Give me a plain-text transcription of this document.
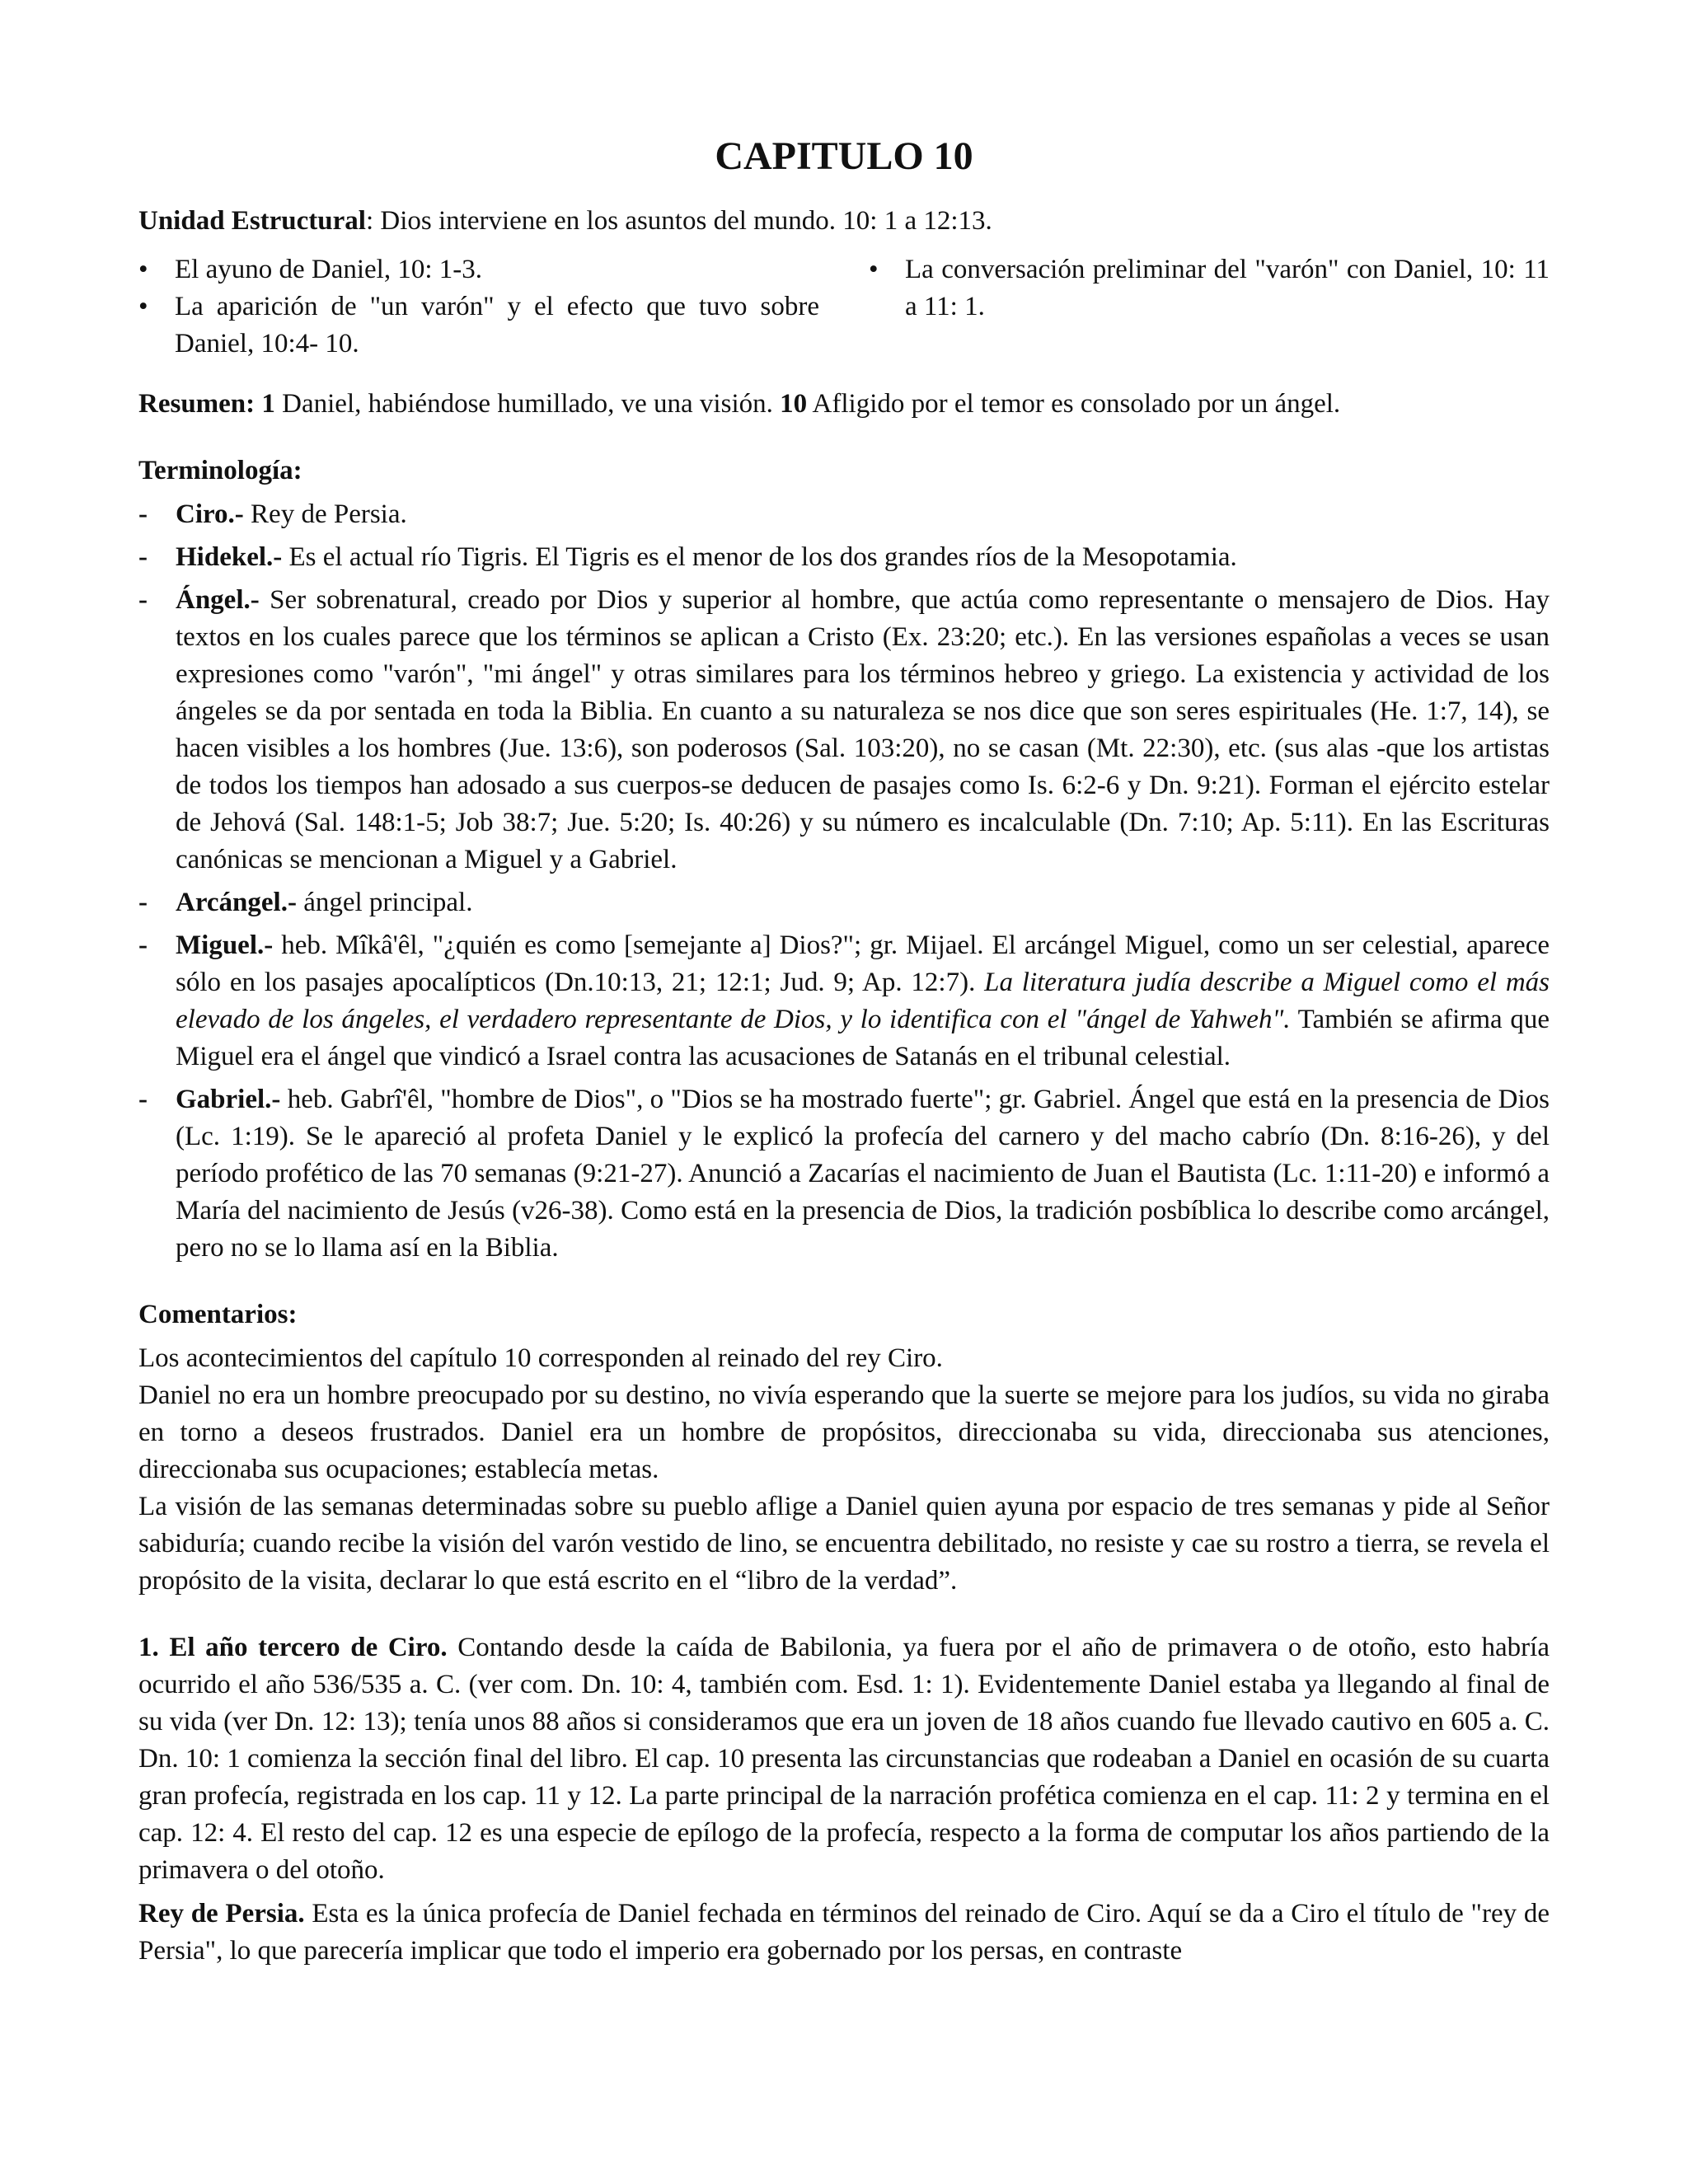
CAPITULO 10

Unidad Estructural: Dios interviene en los asuntos del mundo. 10: 1 a 12:13.

• El ayuno de Daniel, 10: 1-3.
• La aparición de "un varón" y el efecto que tuvo sobre Daniel, 10:4- 10.
• La conversación preliminar del "varón" con Daniel, 10: 11 a 11: 1.

Resumen: 1 Daniel, habiéndose humillado, ve una visión. 10 Afligido por el temor es consolado por un ángel.

Terminología:

- Ciro.- Rey de Persia.
- Hidekel.- Es el actual río Tigris. El Tigris es el menor de los dos grandes ríos de la Mesopotamia.
- Ángel.- Ser sobrenatural, creado por Dios y superior al hombre, que actúa como representante o mensajero de Dios. Hay textos en los cuales parece que los términos se aplican a Cristo (Ex. 23:20; etc.). En las versiones españolas a veces se usan expresiones como "varón", "mi ángel" y otras similares para los términos hebreo y griego. La existencia y actividad de los ángeles se da por sentada en toda la Biblia. En cuanto a su naturaleza se nos dice que son seres espirituales (He. 1:7, 14), se hacen visibles a los hombres (Jue. 13:6), son poderosos (Sal. 103:20), no se casan (Mt. 22:30), etc. (sus alas -que los artistas de todos los tiempos han adosado a sus cuerpos-se deducen de pasajes como Is. 6:2-6 y Dn. 9:21). Forman el ejército estelar de Jehová (Sal. 148:1-5; Job 38:7; Jue. 5:20; Is. 40:26) y su número es incalculable (Dn. 7:10; Ap. 5:11). En las Escrituras canónicas se mencionan a Miguel y a Gabriel.
- Arcángel.- ángel principal.
- Miguel.- heb. Mîkâ'êl, "¿quién es como [semejante a] Dios?"; gr. Mijael. El arcángel Miguel, como un ser celestial, aparece sólo en los pasajes apocalípticos (Dn.10:13, 21; 12:1; Jud. 9; Ap. 12:7). La literatura judía describe a Miguel como el más elevado de los ángeles, el verdadero representante de Dios, y lo identifica con el "ángel de Yahweh". También se afirma que Miguel era el ángel que vindicó a Israel contra las acusaciones de Satanás en el tribunal celestial.
- Gabriel.- heb. Gabrî'êl, "hombre de Dios", o "Dios se ha mostrado fuerte"; gr. Gabriel. Ángel que está en la presencia de Dios (Lc. 1:19). Se le apareció al profeta Daniel y le explicó la profecía del carnero y del macho cabrío (Dn. 8:16-26), y del período profético de las 70 semanas (9:21-27). Anunció a Zacarías el nacimiento de Juan el Bautista (Lc. 1:11-20) e informó a María del nacimiento de Jesús (v26-38). Como está en la presencia de Dios, la tradición posbíblica lo describe como arcángel, pero no se lo llama así en la Biblia.

Comentarios:

Los acontecimientos del capítulo 10 corresponden al reinado del rey Ciro.

Daniel no era un hombre preocupado por su destino, no vivía esperando que la suerte se mejore para los judíos, su vida no giraba en torno a deseos frustrados. Daniel era un hombre de propósitos, direccionaba su vida, direccionaba sus atenciones, direccionaba sus ocupaciones; establecía metas.

La visión de las semanas determinadas sobre su pueblo aflige a Daniel quien ayuna por espacio de tres semanas y pide al Señor sabiduría; cuando recibe la visión del varón vestido de lino, se encuentra debilitado, no resiste y cae su rostro a tierra, se revela el propósito de la visita, declarar lo que está escrito en el “libro de la verdad”.

1. El año tercero de Ciro. Contando desde la caída de Babilonia, ya fuera por el año de primavera o de otoño, esto habría ocurrido el año 536/535 a. C. (ver com. Dn. 10: 4, también com. Esd. 1: 1). Evidentemente Daniel estaba ya llegando al final de su vida (ver Dn. 12: 13); tenía unos 88 años si consideramos que era un joven de 18 años cuando fue llevado cautivo en 605 a. C. Dn. 10: 1 comienza la sección final del libro. El cap. 10 presenta las circunstancias que rodeaban a Daniel en ocasión de su cuarta gran profecía, registrada en los cap. 11 y 12. La parte principal de la narración profética comienza en el cap. 11: 2 y termina en el cap. 12: 4. El resto del cap. 12 es una especie de epílogo de la profecía, respecto a la forma de computar los años partiendo de la primavera o del otoño.

Rey de Persia. Esta es la única profecía de Daniel fechada en términos del reinado de Ciro. Aquí se da a Ciro el título de "rey de Persia", lo que parecería implicar que todo el imperio era gobernado por los persas, en contraste
